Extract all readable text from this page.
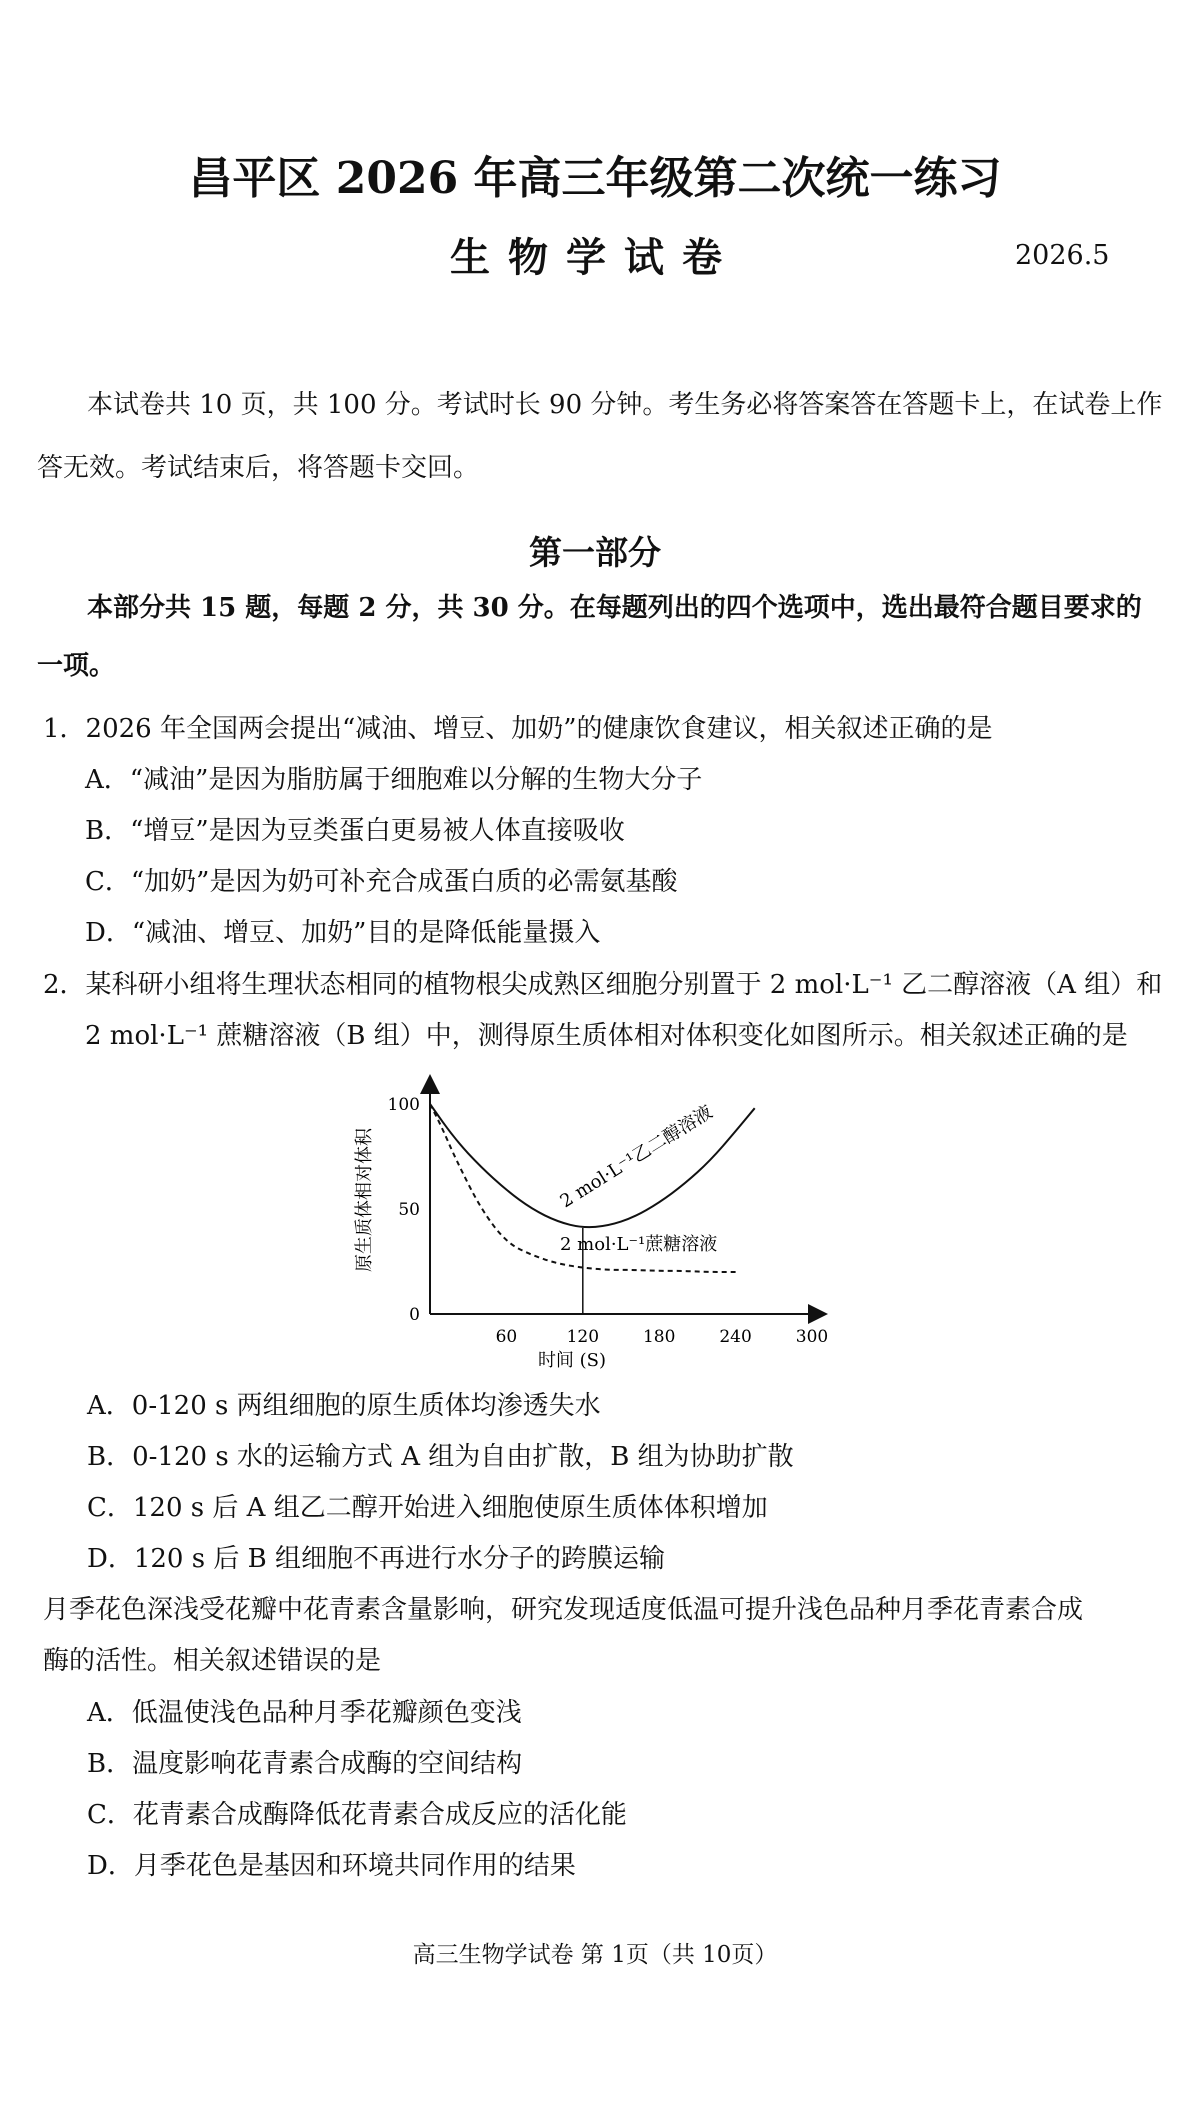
昌平区 2026 年高三年级第二次统一练习
生物学试卷	2026.5
本试卷共 10 页，共 100 分。考试时长 90 分钟。考生务必将答案答在答题卡上，在试卷上作
答无效。考试结束后，将答题卡交回。
第一部分
本部分共 15 题，每题 2 分，共 30 分。在每题列出的四个选项中，选出最符合题目要求的
一项。
1．2026 年全国两会提出“减油、增豆、加奶”的健康饮食建议，相关叙述正确的是
A．“减油”是因为脂肪属于细胞难以分解的生物大分子
B．“增豆”是因为豆类蛋白更易被人体直接吸收
C．“加奶”是因为奶可补充合成蛋白质的必需氨基酸
D．“减油、增豆、加奶”目的是降低能量摄入
2．某科研小组将生理状态相同的植物根尖成熟区细胞分别置于 2 mol·L⁻¹ 乙二醇溶液（A 组）和
2 mol·L⁻¹ 蔗糖溶液（B 组）中，测得原生质体相对体积变化如图所示。相关叙述正确的是
0
50
100
60	120	180	240	300
原生质体相对体积
时间 (S)
2 mol·L⁻¹乙二醇溶液
2 mol·L⁻¹蔗糖溶液
A．0-120 s 两组细胞的原生质体均渗透失水
B．0-120 s 水的运输方式 A 组为自由扩散，B 组为协助扩散
C．120 s 后 A 组乙二醇开始进入细胞使原生质体体积增加
D．120 s 后 B 组细胞不再进行水分子的跨膜运输
月季花色深浅受花瓣中花青素含量影响，研究发现适度低温可提升浅色品种月季花青素合成
酶的活性。相关叙述错误的是
A．低温使浅色品种月季花瓣颜色变浅
B．温度影响花青素合成酶的空间结构
C．花青素合成酶降低花青素合成反应的活化能
D．月季花色是基因和环境共同作用的结果
高三生物学试卷 第 1页（共 10页）
